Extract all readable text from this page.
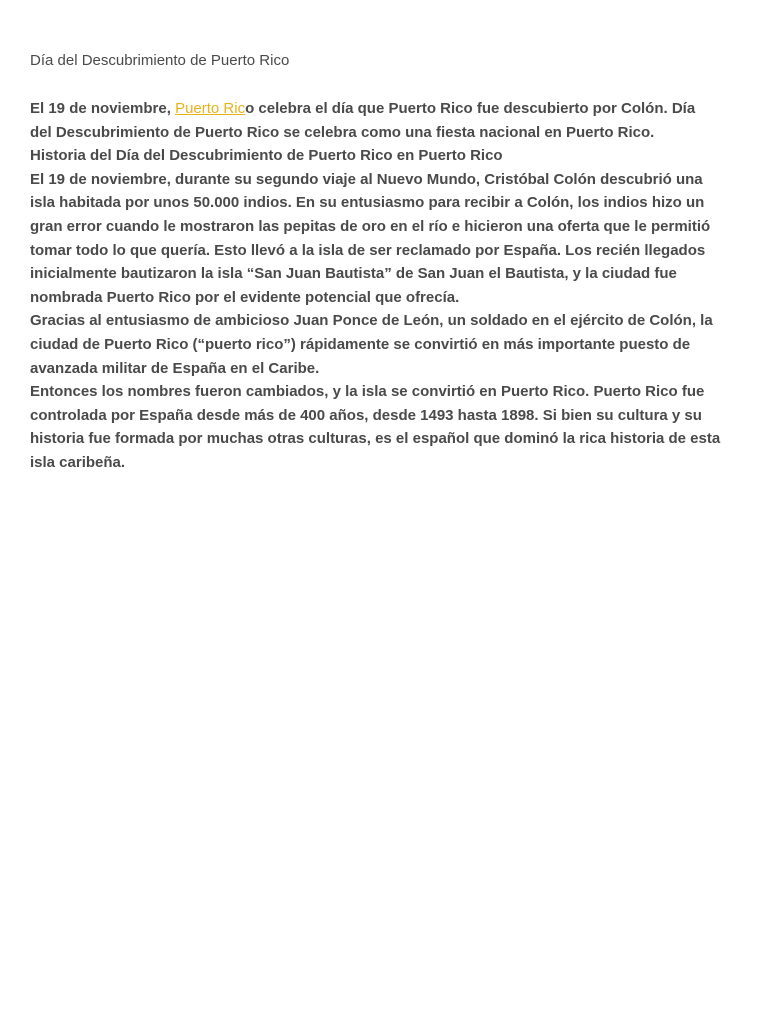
Día del Descubrimiento de Puerto Rico
El 19 de noviembre, Puerto Rico celebra el día que Puerto Rico fue descubierto por Colón. Día
del Descubrimiento de Puerto Rico se celebra como una fiesta nacional en Puerto Rico.
Historia del Día del Descubrimiento de Puerto Rico en Puerto Rico
El 19 de noviembre, durante su segundo viaje al Nuevo Mundo, Cristóbal Colón descubrió una
isla habitada por unos 50.000 indios. En su entusiasmo para recibir a Colón, los indios hizo un
gran error cuando le mostraron las pepitas de oro en el río e hicieron una oferta que le permitió
tomar todo lo que quería. Esto llevó a la isla de ser reclamado por España. Los recién llegados
inicialmente bautizaron la isla “San Juan Bautista” de San Juan el Bautista, y la ciudad fue
nombrada Puerto Rico por el evidente potencial que ofrecía.
Gracias al entusiasmo de ambicioso Juan Ponce de León, un soldado en el ejército de Colón, la
ciudad de Puerto Rico (“puerto rico”) rápidamente se convirtió en más importante puesto de
avanzada militar de España en el Caribe.
Entonces los nombres fueron cambiados, y la isla se convirtió en Puerto Rico. Puerto Rico fue
controlada por España desde más de 400 años, desde 1493 hasta 1898. Si bien su cultura y su
historia fue formada por muchas otras culturas, es el español que dominó la rica historia de esta
isla caribeña.
